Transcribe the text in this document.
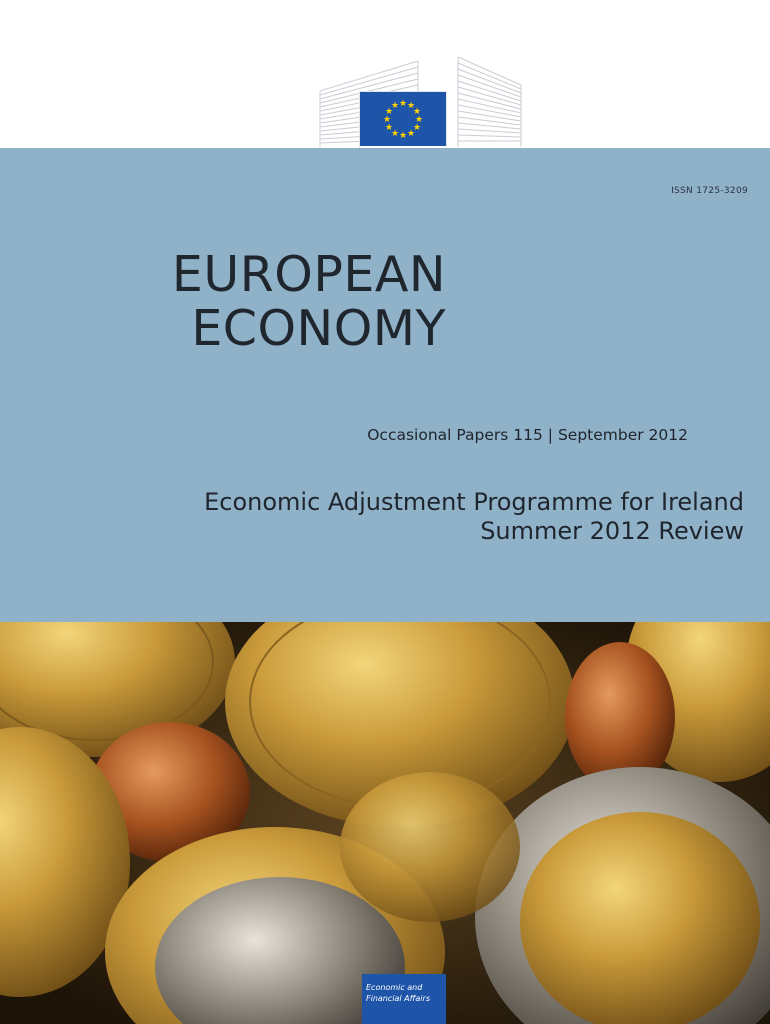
★ ★
★
★
★
★
★
★
★
★
★
★
ISSN 1725-3209
EUROPEAN
ECONOMY
Occasional Papers 115 | September 2012
Economic Adjustment Programme for Ireland
Summer 2012 Review
Economic and
Financial Affairs
